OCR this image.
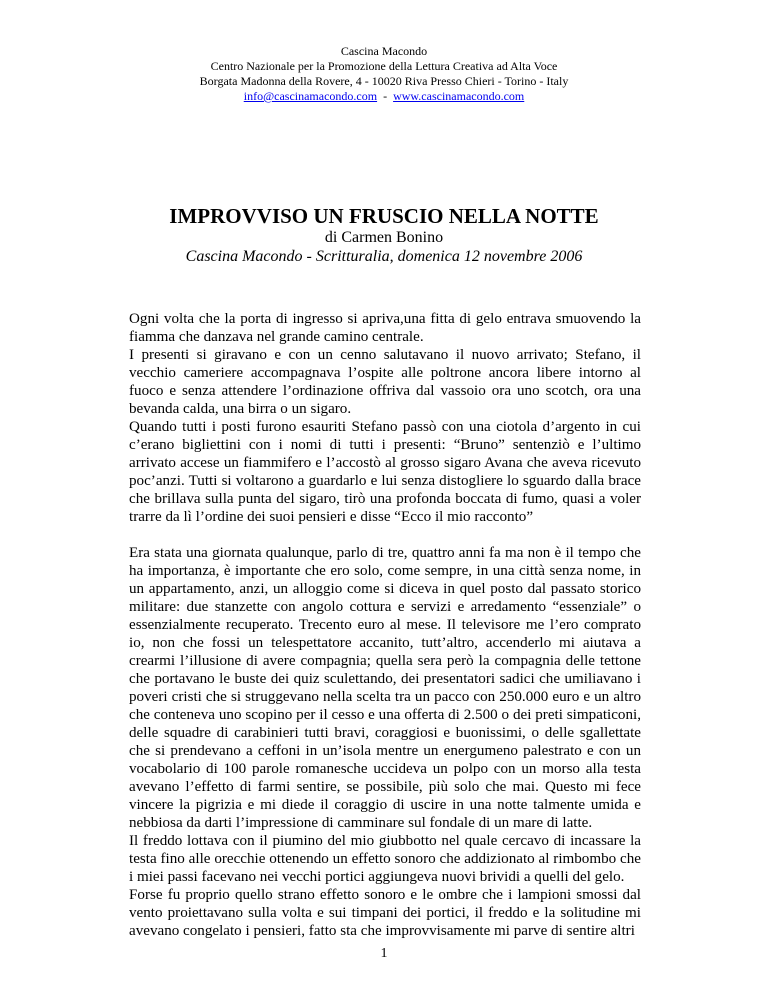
Cascina Macondo
Centro Nazionale per la Promozione della Lettura Creativa ad Alta Voce
Borgata Madonna della Rovere, 4 - 10020 Riva Presso Chieri - Torino - Italy
info@cascinamacondo.com  -  www.cascinamacondo.com
IMPROVVISO UN FRUSCIO NELLA NOTTE
di Carmen Bonino
Cascina Macondo - Scritturalia, domenica 12 novembre 2006

Ogni volta che la porta di ingresso si apriva,una fitta di gelo entrava smuovendo la fiamma che danzava nel grande camino centrale.
I presenti si giravano e con un cenno salutavano il nuovo arrivato; Stefano, il vecchio cameriere accompagnava l’ospite alle poltrone ancora libere intorno al fuoco e senza attendere l’ordinazione offriva dal vassoio ora uno scotch, ora una bevanda calda, una birra o un sigaro.
Quando tutti i posti furono esauriti Stefano passò con una ciotola d’argento in cui c’erano bigliettini con i nomi di tutti i presenti: “Bruno” sentenziò e l’ultimo arrivato accese un fiammifero e l’accostò al grosso sigaro Avana che aveva ricevuto poc’anzi. Tutti si voltarono a guardarlo e lui senza distogliere lo sguardo dalla brace che brillava sulla punta del sigaro, tirò una profonda boccata di fumo, quasi a voler trarre da lì l’ordine dei suoi pensieri e disse “Ecco il mio racconto”

Era stata una giornata qualunque, parlo di tre, quattro anni fa ma non è il tempo che ha importanza, è importante che ero solo, come sempre, in una città senza nome, in un appartamento, anzi, un alloggio come si diceva in quel posto dal passato storico militare: due stanzette con angolo cottura e servizi e arredamento “essenziale” o essenzialmente recuperato. Trecento euro al mese. Il televisore me l’ero comprato io, non che fossi un telespettatore accanito, tutt’altro, accenderlo mi aiutava a crearmi l’illusione di avere compagnia; quella sera però la compagnia delle tettone che portavano le buste dei quiz sculettando, dei presentatori sadici che umiliavano i poveri cristi che si struggevano nella scelta tra un pacco con 250.000 euro e un altro che conteneva uno scopino per il cesso e una offerta di 2.500 o dei preti simpaticoni, delle squadre di carabinieri tutti bravi, coraggiosi e buonissimi, o delle sgallettate che si prendevano a ceffoni in un’isola mentre un energumeno palestrato e con un vocabolario di 100 parole romanesche uccideva un polpo con un morso alla testa avevano l’effetto di farmi sentire, se possibile, più solo che mai. Questo mi fece vincere la pigrizia e mi diede il coraggio di uscire in una notte talmente umida e nebbiosa da darti l’impressione di camminare sul fondale di un mare di latte.
Il freddo lottava con il piumino del mio giubbotto nel quale cercavo di incassare la testa fino alle orecchie ottenendo un effetto sonoro che addizionato al rimbombo che i miei passi facevano nei vecchi portici aggiungeva nuovi brividi a quelli del gelo.
Forse fu proprio quello strano effetto sonoro e le ombre che i lampioni smossi dal vento proiettavano sulla volta e sui timpani dei portici, il freddo e la solitudine mi avevano congelato i pensieri, fatto sta che improvvisamente mi parve di sentire altri

1
